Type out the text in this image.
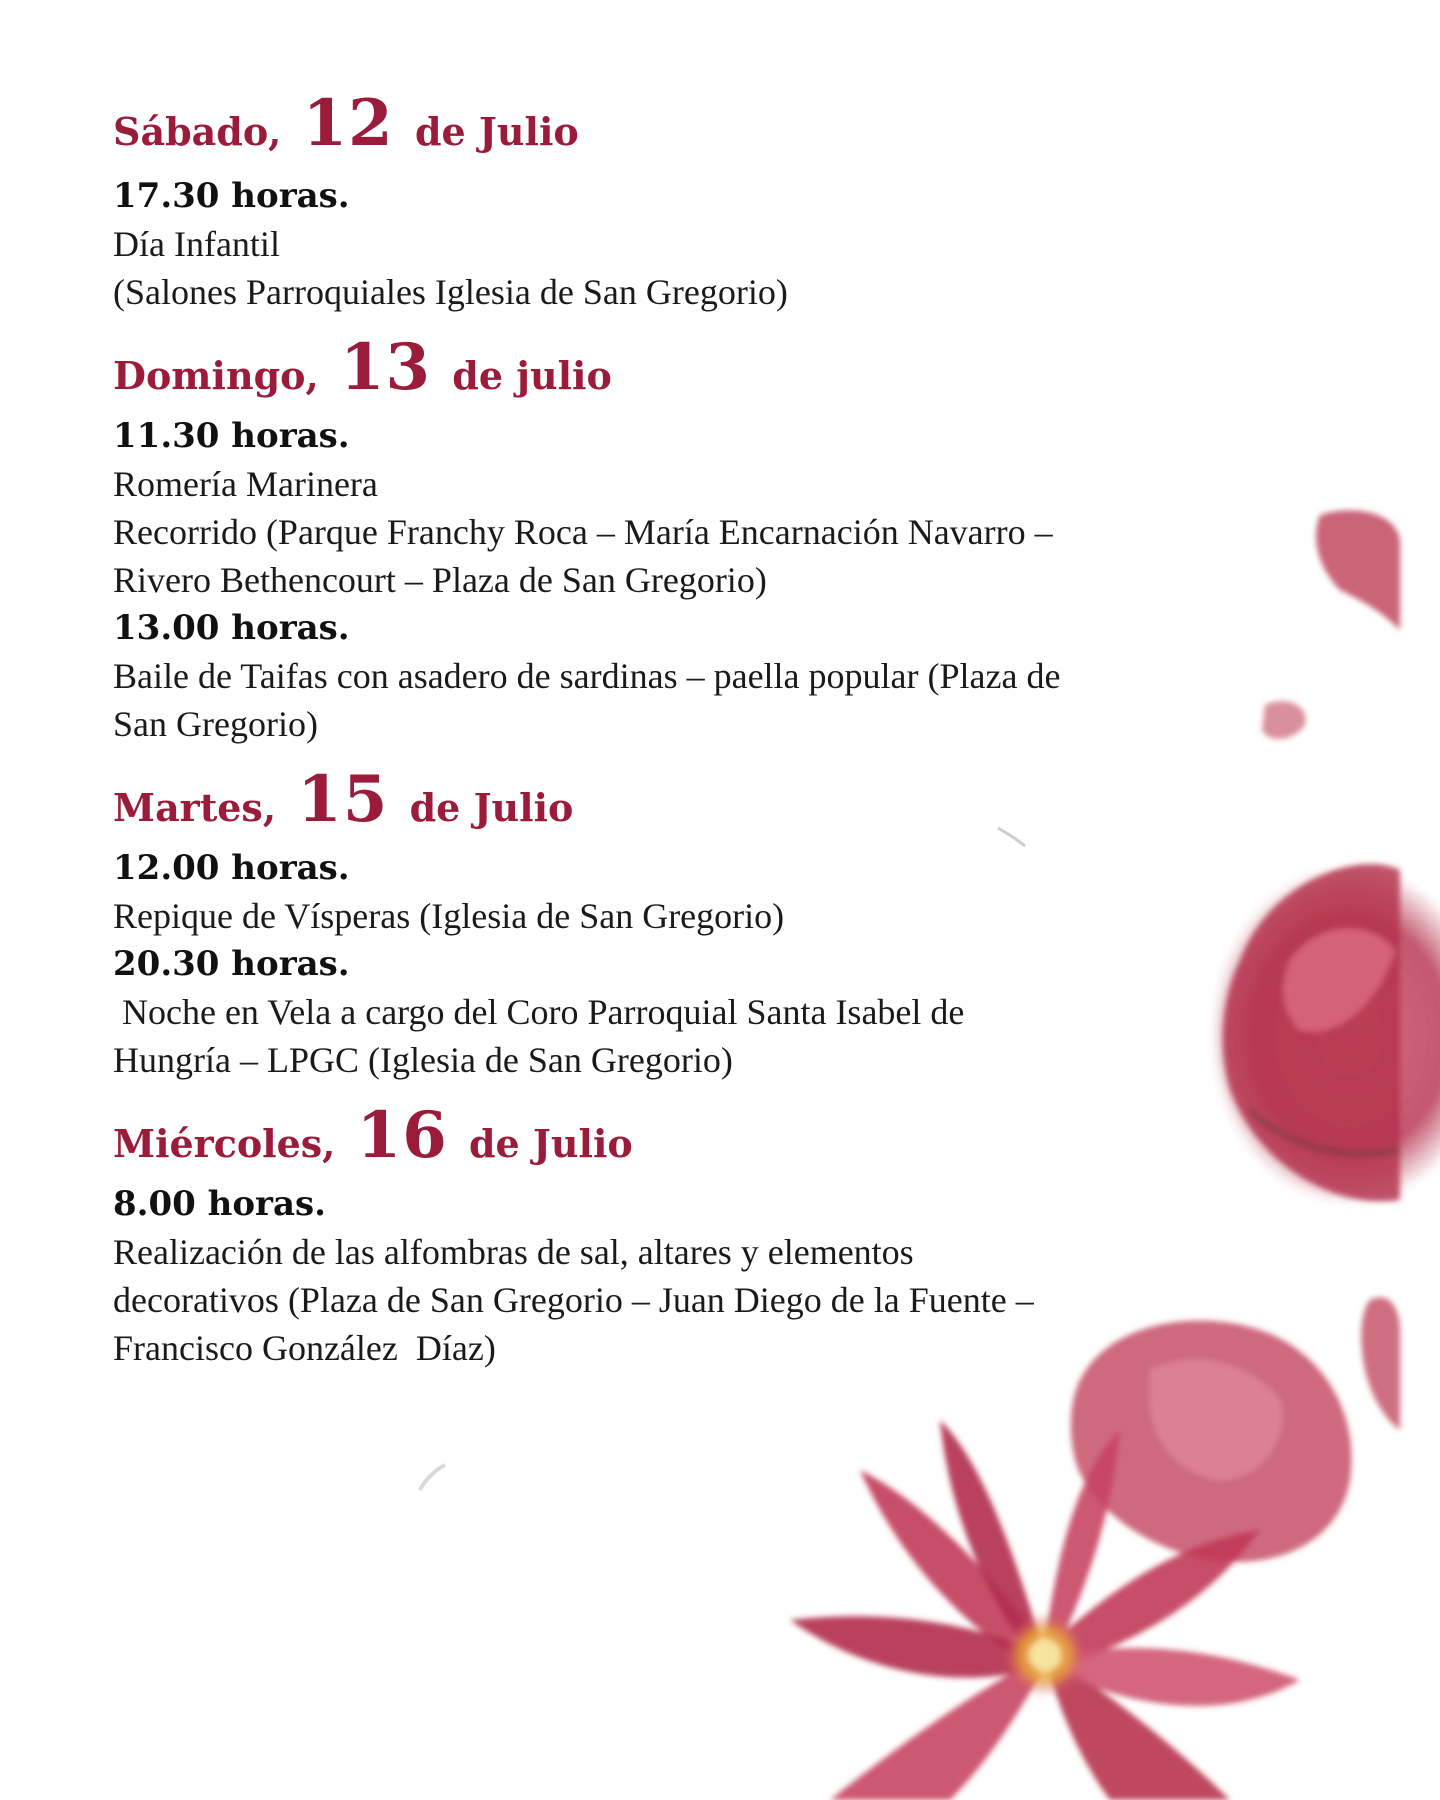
Sábado, 12 de Julio

17.30 horas.

Día Infantil

(Salones Parroquiales Iglesia de San Gregorio)

Domingo, 13 de julio

11.30 horas.

Romería Marinera

Recorrido (Parque Franchy Roca – María Encarnación Navarro –

Rivero Bethencourt – Plaza de San Gregorio)

13.00 horas.

Baile de Taifas con asadero de sardinas – paella popular (Plaza de

San Gregorio)

Martes, 15 de Julio

12.00 horas.

Repique de Vísperas (Iglesia de San Gregorio)

20.30 horas.

Noche en Vela a cargo del Coro Parroquial Santa Isabel de

Hungría – LPGC (Iglesia de San Gregorio)

Miércoles, 16 de Julio

8.00 horas.

Realización de las alfombras de sal, altares y elementos

decorativos (Plaza de San Gregorio – Juan Diego de la Fuente –

Francisco González  Díaz)
